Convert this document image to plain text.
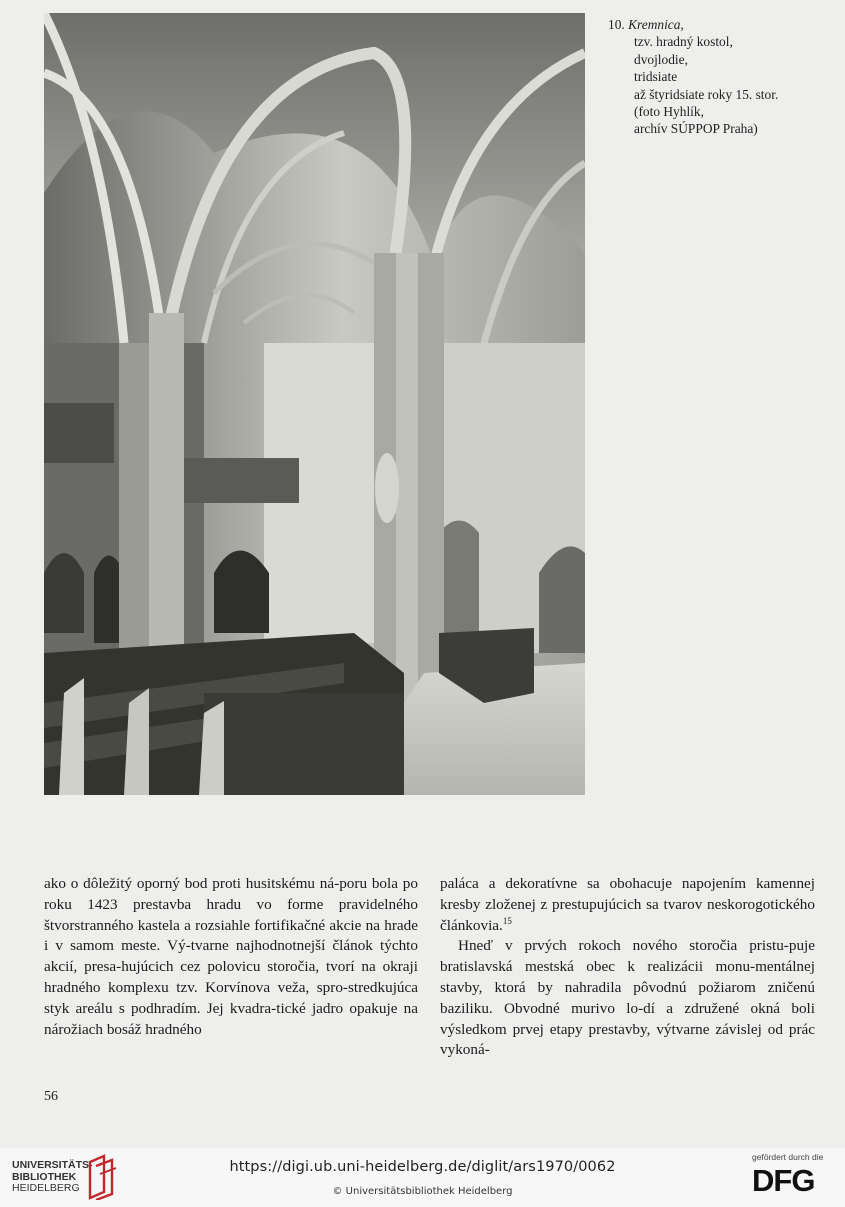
10. Kremnica,
tzv. hradný kostol,
dvojlodie,
tridsiate
až štyridsiate roky 15. stor.
(foto Hyhlík,
archív SÚPPOP Praha)

ako o dôležitý oporný bod proti husitskému ná-poru bola po roku 1423 prestavba hradu vo forme pravidelného štvorstranného kastela a rozsiahle fortifikačné akcie na hrade i v samom meste. Vý-tvarne najhodnotnejší článok týchto akcií, presa-hujúcich cez polovicu storočia, tvorí na okraji hradného komplexu tzv. Korvínova veža, spro-stredkujúca styk areálu s podhradím. Jej kvadra-tické jadro opakuje na nárožiach bosáž hradného

paláca a dekoratívne sa obohacuje napojením kamennej kresby zloženej z prestupujúcich sa tvarov neskorogotického článkovia.$^{15}$

Hneď v prvých rokoch nového storočia pristu-puje bratislavská mestská obec k realizácii monu-mentálnej stavby, ktorá by nahradila pôvodnú požiarom zničenú baziliku. Obvodné murivo lo-dí a združené okná boli výsledkom prvej etapy prestavby, výtvarne závislej od prác vykoná-

56
UNIVERSITÄTS-
BIBLIOTHEK
HEIDELBERG
https://digi.ub.uni-heidelberg.de/diglit/ars1970/0062
© Universitätsbibliothek Heidelberg
gefördert durch die
DFG
